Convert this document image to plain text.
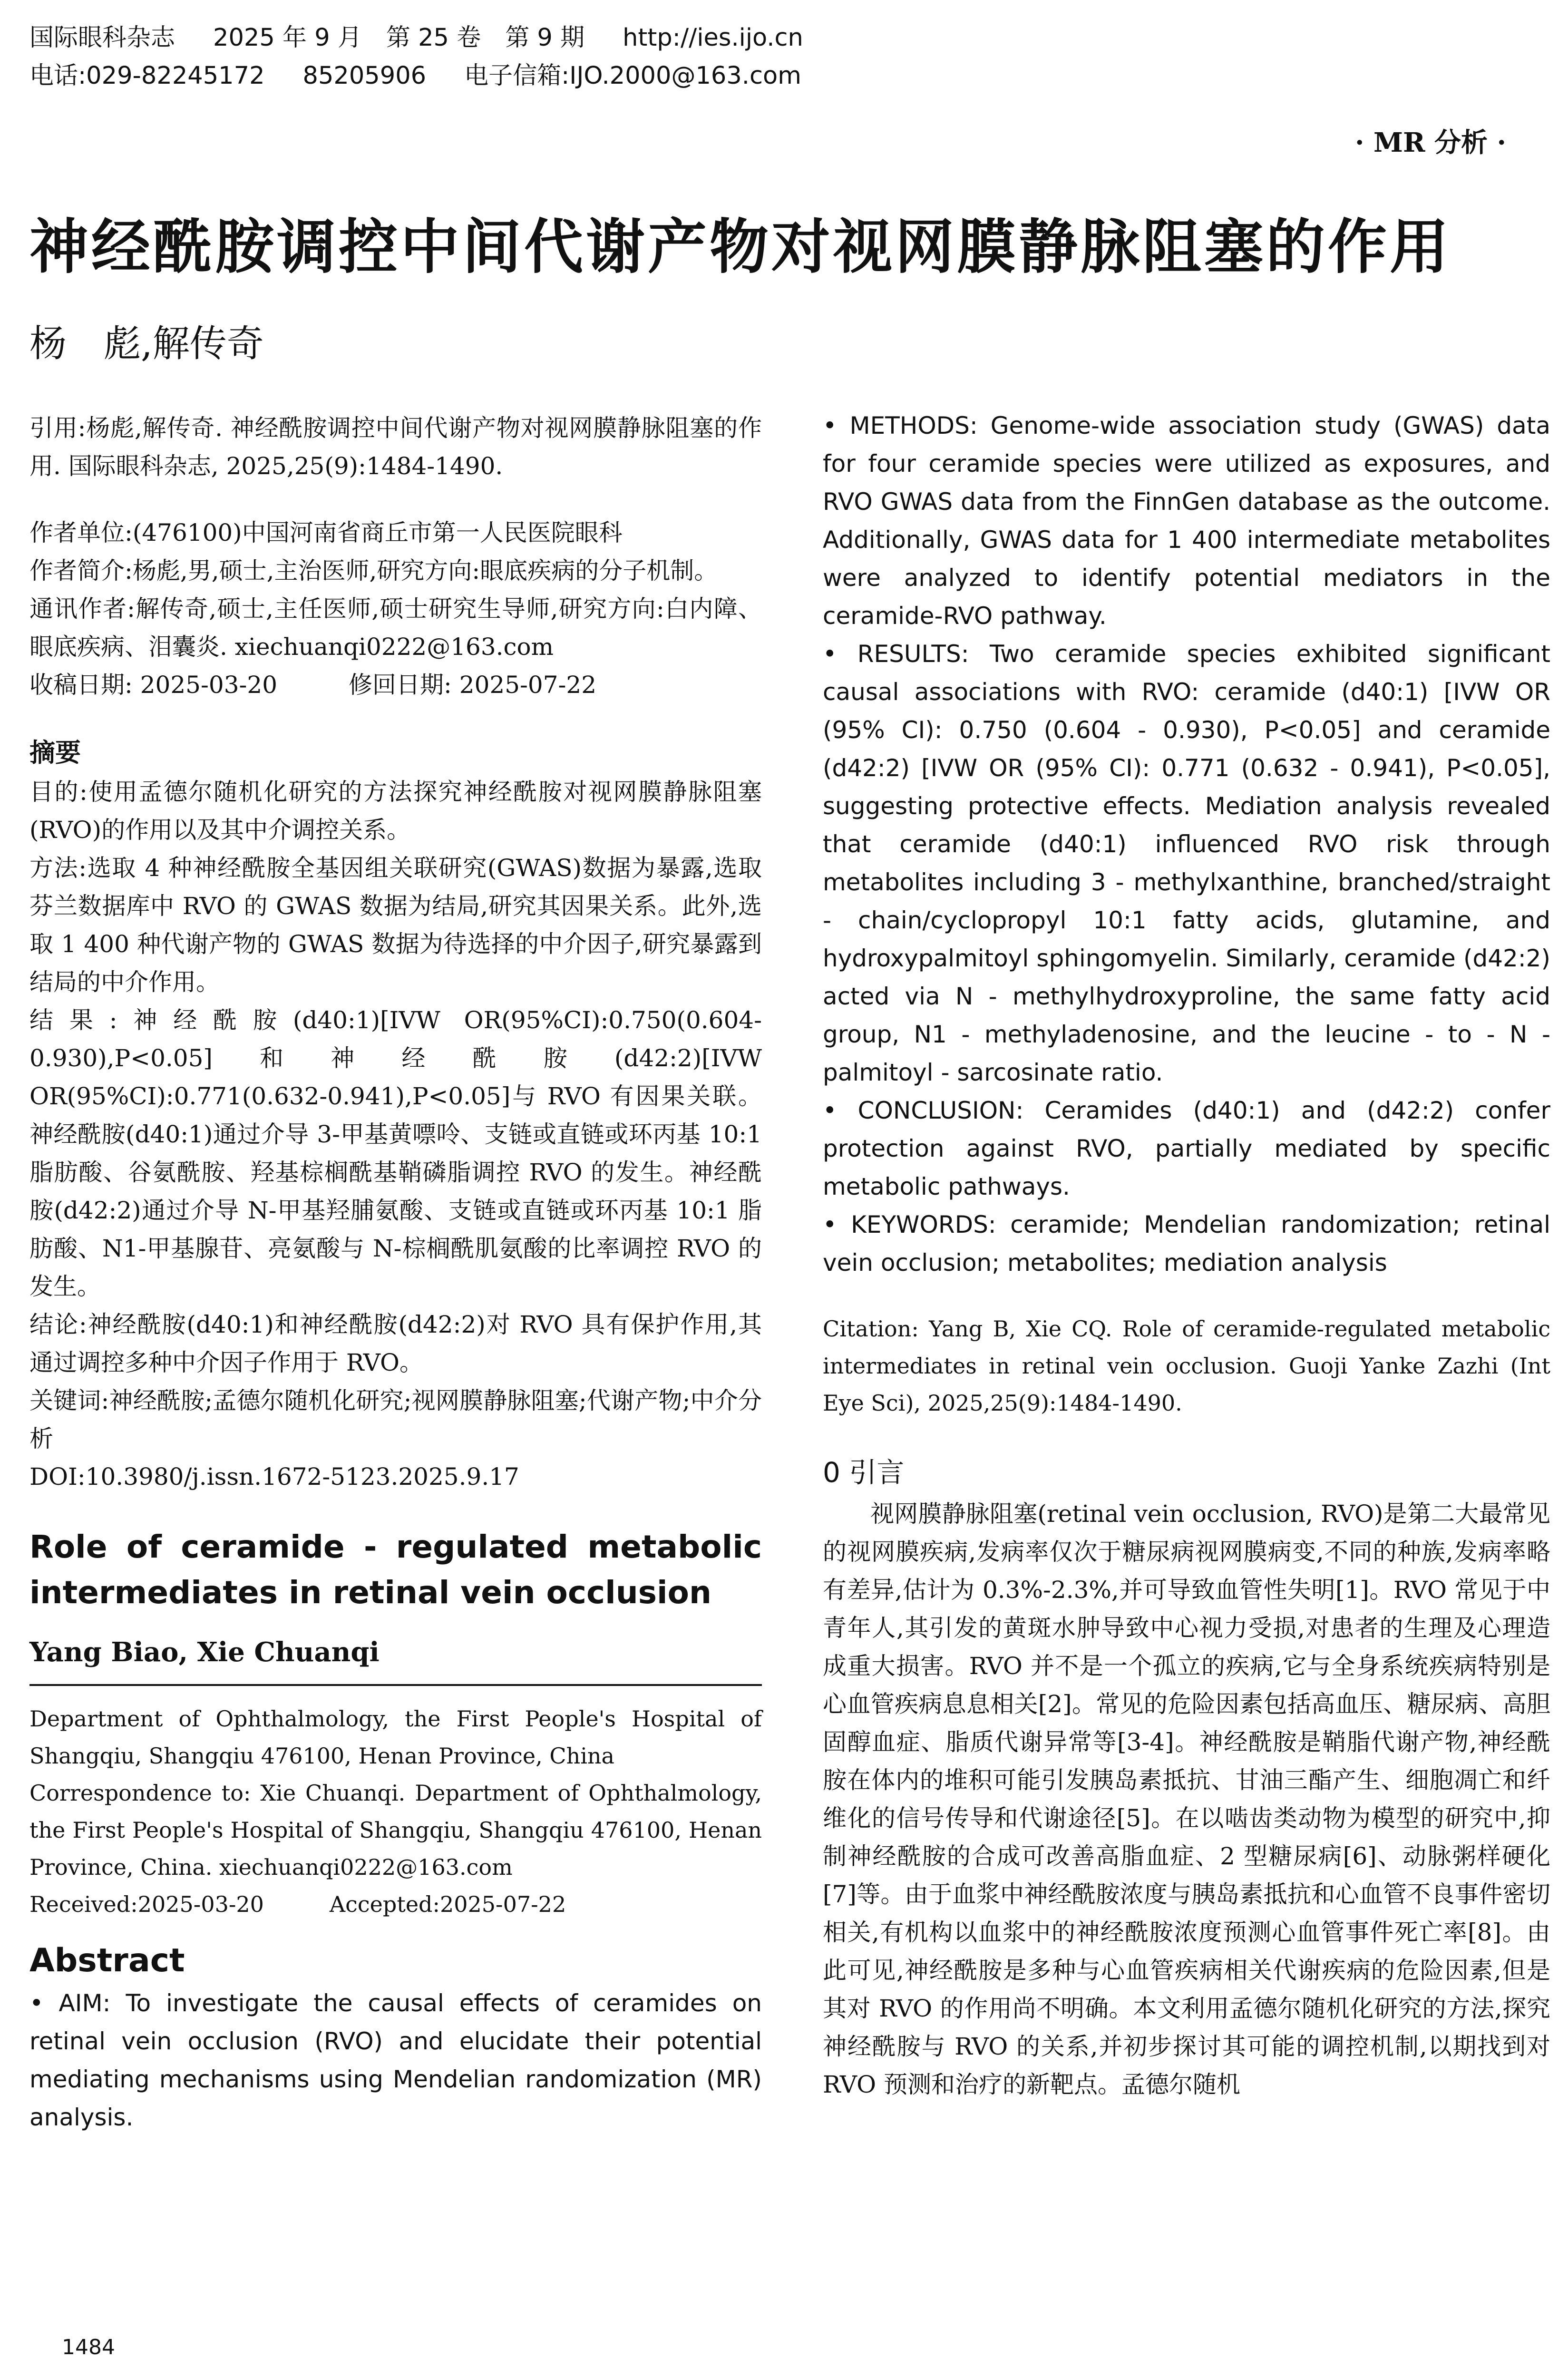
国际眼科杂志 2025 年 9 月　第 25 卷　第 9 期 http://ies.ijo.cn
电话:029-82245172 85205906 电子信箱:IJO.2000@163.com
· MR 分析 ·
神经酰胺调控中间代谢产物对视网膜静脉阻塞的作用
杨　彪,解传奇

引用:杨彪,解传奇. 神经酰胺调控中间代谢产物对视网膜静脉阻塞的作用. 国际眼科杂志, 2025,25(9):1484-1490.

作者单位:(476100)中国河南省商丘市第一人民医院眼科

作者简介:杨彪,男,硕士,主治医师,研究方向:眼底疾病的分子机制。

通讯作者:解传奇,硕士,主任医师,硕士研究生导师,研究方向:白内障、眼底疾病、泪囊炎. xiechuanqi0222@163.com

收稿日期: 2025-03-20　　　修回日期: 2025-07-22

摘要

目的:使用孟德尔随机化研究的方法探究神经酰胺对视网膜静脉阻塞(RVO)的作用以及其中介调控关系。

方法:选取 4 种神经酰胺全基因组关联研究(GWAS)数据为暴露,选取芬兰数据库中 RVO 的 GWAS 数据为结局,研究其因果关系。此外,选取 1 400 种代谢产物的 GWAS 数据为待选择的中介因子,研究暴露到结局的中介作用。

结果:神经酰胺(d40:1)[IVW OR(95%CI):0.750(0.604-0.930),P<0.05]和神经酰胺(d42:2)[IVW OR(95%CI):0.771(0.632-0.941),P<0.05]与 RVO 有因果关联。神经酰胺(d40:1)通过介导 3-甲基黄嘌呤、支链或直链或环丙基 10:1 脂肪酸、谷氨酰胺、羟基棕榈酰基鞘磷脂调控 RVO 的发生。神经酰胺(d42:2)通过介导 N-甲基羟脯氨酸、支链或直链或环丙基 10:1 脂肪酸、N1-甲基腺苷、亮氨酸与 N-棕榈酰肌氨酸的比率调控 RVO 的发生。

结论:神经酰胺(d40:1)和神经酰胺(d42:2)对 RVO 具有保护作用,其通过调控多种中介因子作用于 RVO。

关键词:神经酰胺;孟德尔随机化研究;视网膜静脉阻塞;代谢产物;中介分析

DOI:10.3980/j.issn.1672-5123.2025.9.17

Role of ceramide - regulated metabolic intermediates in retinal vein occlusion

Yang Biao, Xie Chuanqi

Department of Ophthalmology, the First People's Hospital of Shangqiu, Shangqiu 476100, Henan Province, China

Correspondence to: Xie Chuanqi. Department of Ophthalmology, the First People's Hospital of Shangqiu, Shangqiu 476100, Henan Province, China. xiechuanqi0222@163.com

Received:2025-03-20　　　Accepted:2025-07-22

Abstract

• AIM: To investigate the causal effects of ceramides on retinal vein occlusion (RVO) and elucidate their potential mediating mechanisms using Mendelian randomization (MR) analysis.

• METHODS: Genome-wide association study (GWAS) data for four ceramide species were utilized as exposures, and RVO GWAS data from the FinnGen database as the outcome. Additionally, GWAS data for 1 400 intermediate metabolites were analyzed to identify potential mediators in the ceramide-RVO pathway.

• RESULTS: Two ceramide species exhibited significant causal associations with RVO: ceramide (d40:1) [IVW OR (95% CI): 0.750 (0.604 - 0.930), P<0.05] and ceramide (d42:2) [IVW OR (95% CI): 0.771 (0.632 - 0.941), P<0.05], suggesting protective effects. Mediation analysis revealed that ceramide (d40:1) influenced RVO risk through metabolites including 3 - methylxanthine, branched/straight - chain/cyclopropyl 10:1 fatty acids, glutamine, and hydroxypalmitoyl sphingomyelin. Similarly, ceramide (d42:2) acted via N - methylhydroxyproline, the same fatty acid group, N1 - methyladenosine, and the leucine - to - N - palmitoyl - sarcosinate ratio.

• CONCLUSION: Ceramides (d40:1) and (d42:2) confer protection against RVO, partially mediated by specific metabolic pathways.

• KEYWORDS: ceramide; Mendelian randomization; retinal vein occlusion; metabolites; mediation analysis

Citation: Yang B, Xie CQ. Role of ceramide-regulated metabolic intermediates in retinal vein occlusion. Guoji Yanke Zazhi (Int Eye Sci), 2025,25(9):1484-1490.

0 引言

视网膜静脉阻塞(retinal vein occlusion, RVO)是第二大最常见的视网膜疾病,发病率仅次于糖尿病视网膜病变,不同的种族,发病率略有差异,估计为 0.3%-2.3%,并可导致血管性失明[1]。RVO 常见于中青年人,其引发的黄斑水肿导致中心视力受损,对患者的生理及心理造成重大损害。RVO 并不是一个孤立的疾病,它与全身系统疾病特别是心血管疾病息息相关[2]。常见的危险因素包括高血压、糖尿病、高胆固醇血症、脂质代谢异常等[3-4]。神经酰胺是鞘脂代谢产物,神经酰胺在体内的堆积可能引发胰岛素抵抗、甘油三酯产生、细胞凋亡和纤维化的信号传导和代谢途径[5]。在以啮齿类动物为模型的研究中,抑制神经酰胺的合成可改善高脂血症、2 型糖尿病[6]、动脉粥样硬化[7]等。由于血浆中神经酰胺浓度与胰岛素抵抗和心血管不良事件密切相关,有机构以血浆中的神经酰胺浓度预测心血管事件死亡率[8]。由此可见,神经酰胺是多种与心血管疾病相关代谢疾病的危险因素,但是其对 RVO 的作用尚不明确。本文利用孟德尔随机化研究的方法,探究神经酰胺与 RVO 的关系,并初步探讨其可能的调控机制,以期找到对 RVO 预测和治疗的新靶点。孟德尔随机

1484
